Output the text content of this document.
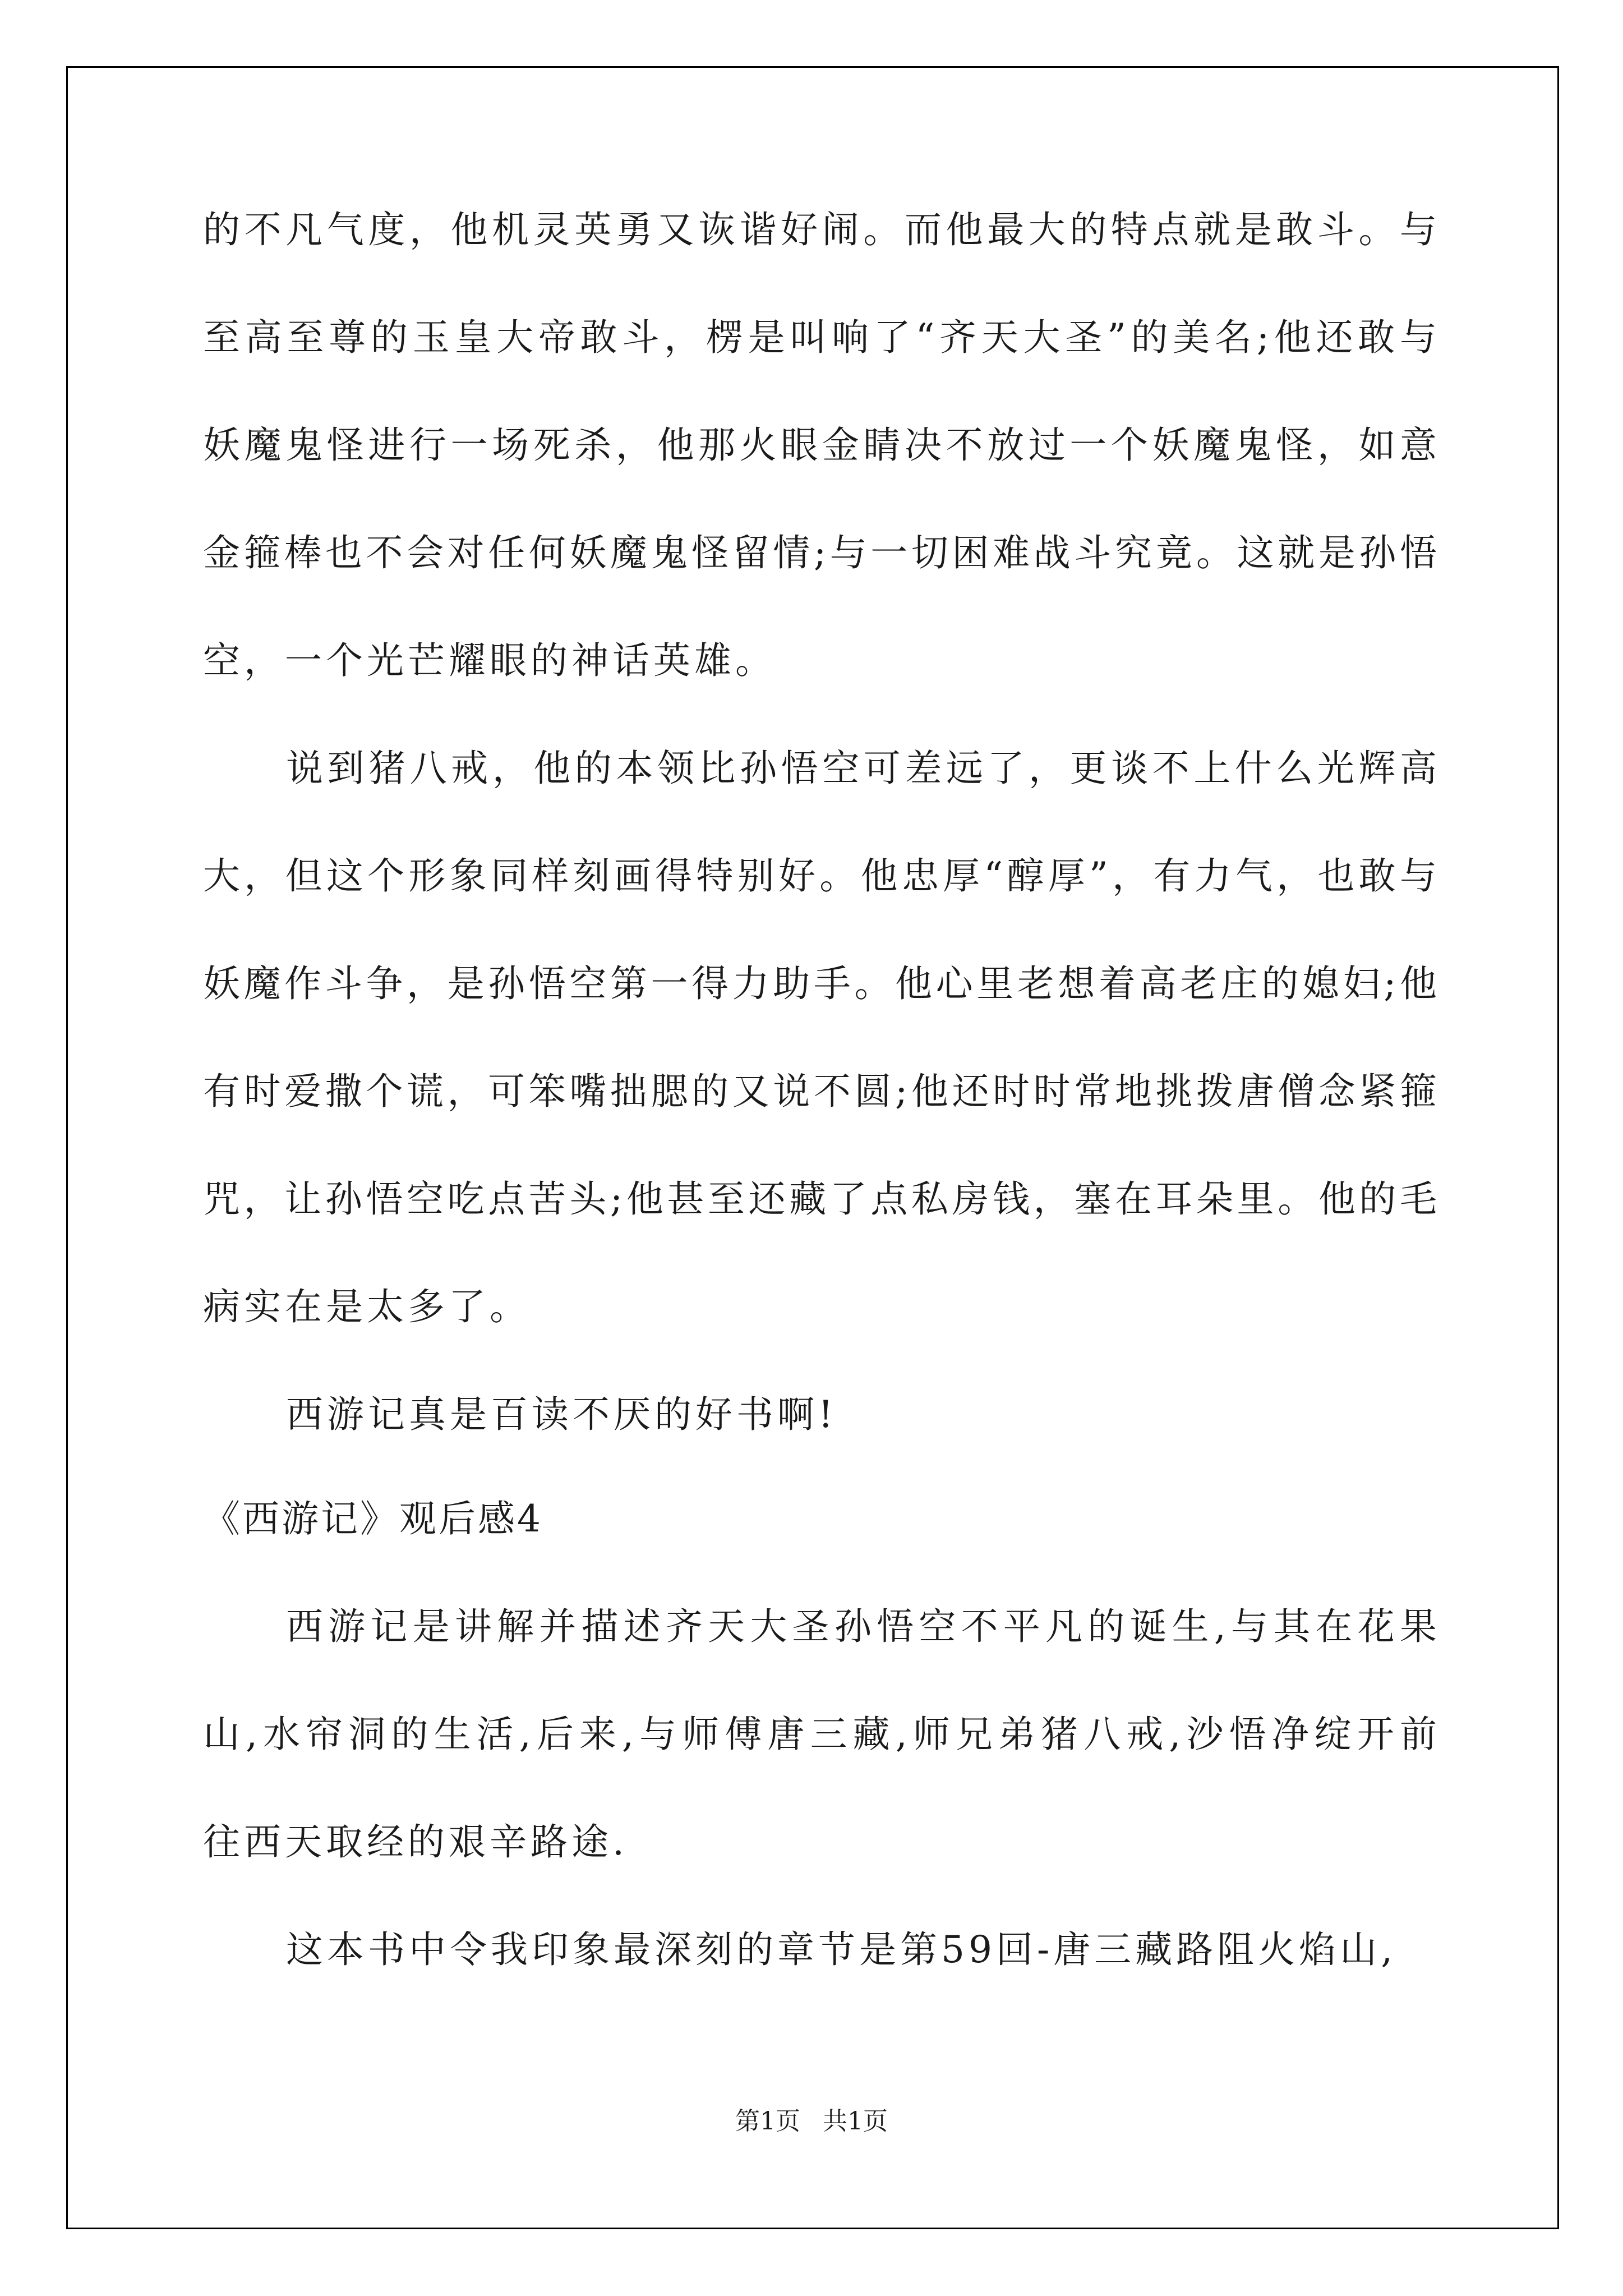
的不凡气度，他机灵英勇又诙谐好闹。而他最大的特点就是敢斗。与
至高至尊的玉皇大帝敢斗，楞是叫响了“齐天大圣”的美名;他还敢与
妖魔鬼怪进行一场死杀，他那火眼金睛决不放过一个妖魔鬼怪，如意
金箍棒也不会对任何妖魔鬼怪留情;与一切困难战斗究竟。这就是孙悟
空，一个光芒耀眼的神话英雄。
说到猪八戒，他的本领比孙悟空可差远了，更谈不上什么光辉高
大，但这个形象同样刻画得特别好。他忠厚“醇厚”，有力气，也敢与
妖魔作斗争，是孙悟空第一得力助手。他心里老想着高老庄的媳妇;他
有时爱撒个谎，可笨嘴拙腮的又说不圆;他还时时常地挑拨唐僧念紧箍
咒，让孙悟空吃点苦头;他甚至还藏了点私房钱，塞在耳朵里。他的毛
病实在是太多了。
西游记真是百读不厌的好书啊!
《西游记》观后感4
西游记是讲解并描述齐天大圣孙悟空不平凡的诞生,与其在花果
山,水帘洞的生活,后来,与师傅唐三藏,师兄弟猪八戒,沙悟净绽开前
往西天取经的艰辛路途.
这本书中令我印象最深刻的章节是第59回-唐三藏路阻火焰山,
第1页 共1页
